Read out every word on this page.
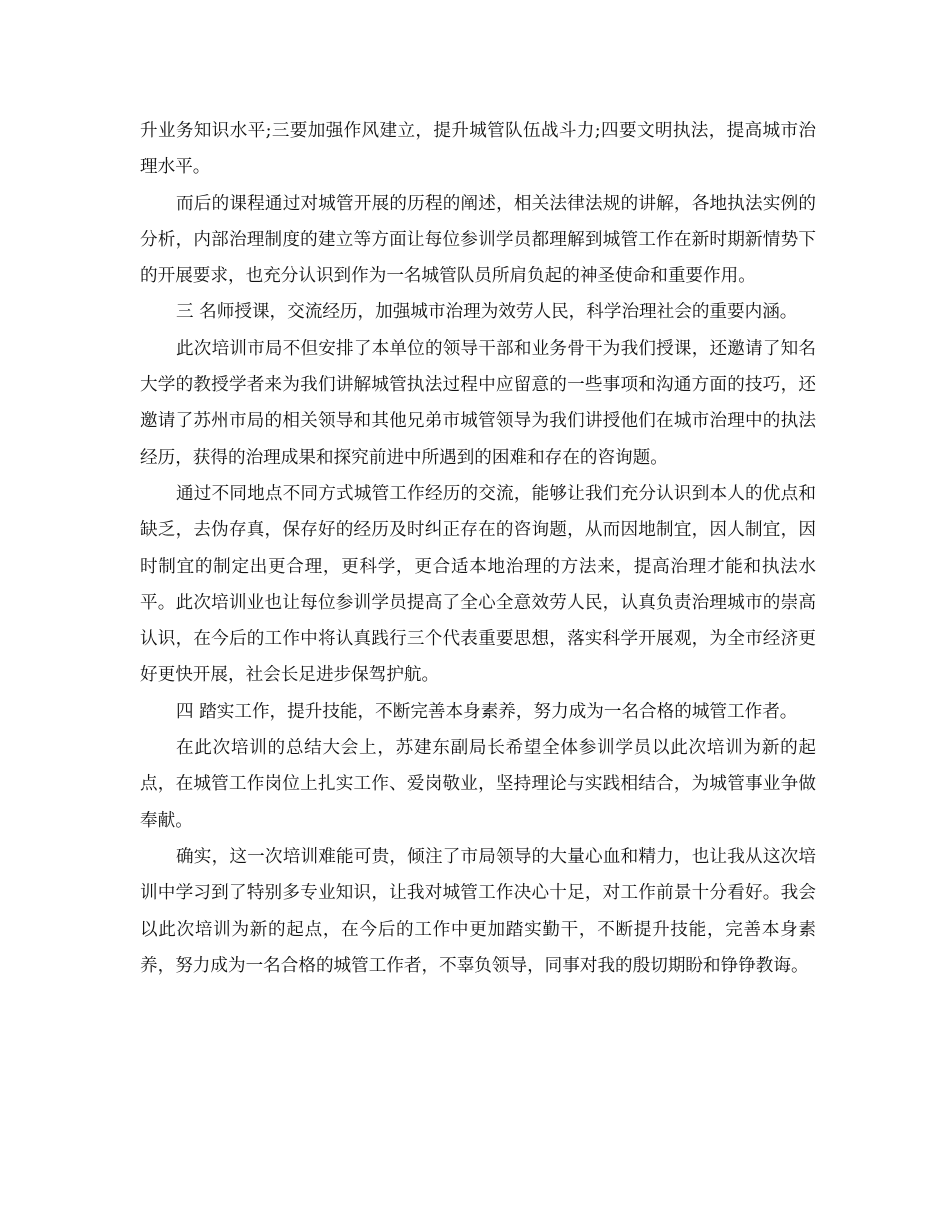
升业务知识水平;三要加强作风建立，提升城管队伍战斗力;四要文明执法，提高城市治理水平。

而后的课程通过对城管开展的历程的阐述，相关法律法规的讲解，各地执法实例的分析，内部治理制度的建立等方面让每位参训学员都理解到城管工作在新时期新情势下的开展要求，也充分认识到作为一名城管队员所肩负起的神圣使命和重要作用。

三 名师授课，交流经历，加强城市治理为效劳人民，科学治理社会的重要内涵。

此次培训市局不但安排了本单位的领导干部和业务骨干为我们授课，还邀请了知名大学的教授学者来为我们讲解城管执法过程中应留意的一些事项和沟通方面的技巧，还邀请了苏州市局的相关领导和其他兄弟市城管领导为我们讲授他们在城市治理中的执法经历，获得的治理成果和探究前进中所遇到的困难和存在的咨询题。

通过不同地点不同方式城管工作经历的交流，能够让我们充分认识到本人的优点和缺乏，去伪存真，保存好的经历及时纠正存在的咨询题，从而因地制宜，因人制宜，因时制宜的制定出更合理，更科学，更合适本地治理的方法来，提高治理才能和执法水平。此次培训业也让每位参训学员提高了全心全意效劳人民，认真负责治理城市的崇高认识，在今后的工作中将认真践行三个代表重要思想，落实科学开展观，为全市经济更好更快开展，社会长足进步保驾护航。

四 踏实工作，提升技能，不断完善本身素养，努力成为一名合格的城管工作者。

在此次培训的总结大会上，苏建东副局长希望全体参训学员以此次培训为新的起点，在城管工作岗位上扎实工作、爱岗敬业，坚持理论与实践相结合，为城管事业争做奉献。

确实，这一次培训难能可贵，倾注了市局领导的大量心血和精力，也让我从这次培训中学习到了特别多专业知识，让我对城管工作决心十足，对工作前景十分看好。我会以此次培训为新的起点，在今后的工作中更加踏实勤干，不断提升技能，完善本身素养，努力成为一名合格的城管工作者，不辜负领导，同事对我的殷切期盼和铮铮教诲。
